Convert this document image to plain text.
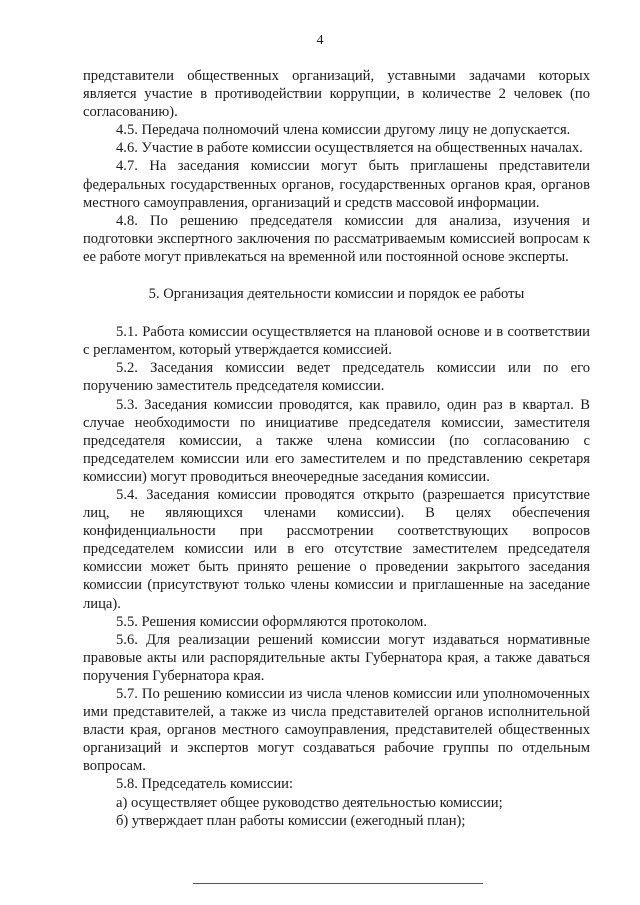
4

представители общественных организаций, уставными задачами которых является участие в противодействии коррупции, в количестве 2 человек (по согласованию).

4.5. Передача полномочий члена комиссии другому лицу не допускается.

4.6. Участие в работе комиссии осуществляется на общественных началах.

4.7. На заседания комиссии могут быть приглашены представители федеральных государственных органов, государственных органов края, органов местного самоуправления, организаций и средств массовой информации.

4.8. По решению председателя комиссии для анализа, изучения и подготовки экспертного заключения по рассматриваемым комиссией вопросам к ее работе могут привлекаться на временной или постоянной основе эксперты.

5. Организация деятельности комиссии и порядок ее работы

5.1. Работа комиссии осуществляется на плановой основе и в соответствии с регламентом, который утверждается комиссией.

5.2. Заседания комиссии ведет председатель комиссии или по его поручению заместитель председателя комиссии.

5.3. Заседания комиссии проводятся, как правило, один раз в квартал. В случае необходимости по инициативе председателя комиссии, заместителя председателя комиссии, а также члена комиссии (по согласованию с председателем комиссии или его заместителем и по представлению секретаря комиссии) могут проводиться внеочередные заседания комиссии.

5.4. Заседания комиссии проводятся открыто (разрешается присутствие лиц, не являющихся членами комиссии). В целях обеспечения конфиденциальности при рассмотрении соответствующих вопросов председателем комиссии или в его отсутствие заместителем председателя комиссии может быть принято решение о проведении закрытого заседания комиссии (присутствуют только члены комиссии и приглашенные на заседание лица).

5.5. Решения комиссии оформляются протоколом.

5.6. Для реализации решений комиссии могут издаваться нормативные правовые акты или распорядительные акты Губернатора края, а также даваться поручения Губернатора края.

5.7. По решению комиссии из числа членов комиссии или уполномоченных ими представителей, а также из числа представителей органов исполнительной власти края, органов местного самоуправления, представителей общественных организаций и экспертов могут создаваться рабочие группы по отдельным вопросам.

5.8. Председатель комиссии:

а) осуществляет общее руководство деятельностью комиссии;

б) утверждает план работы комиссии (ежегодный план);
